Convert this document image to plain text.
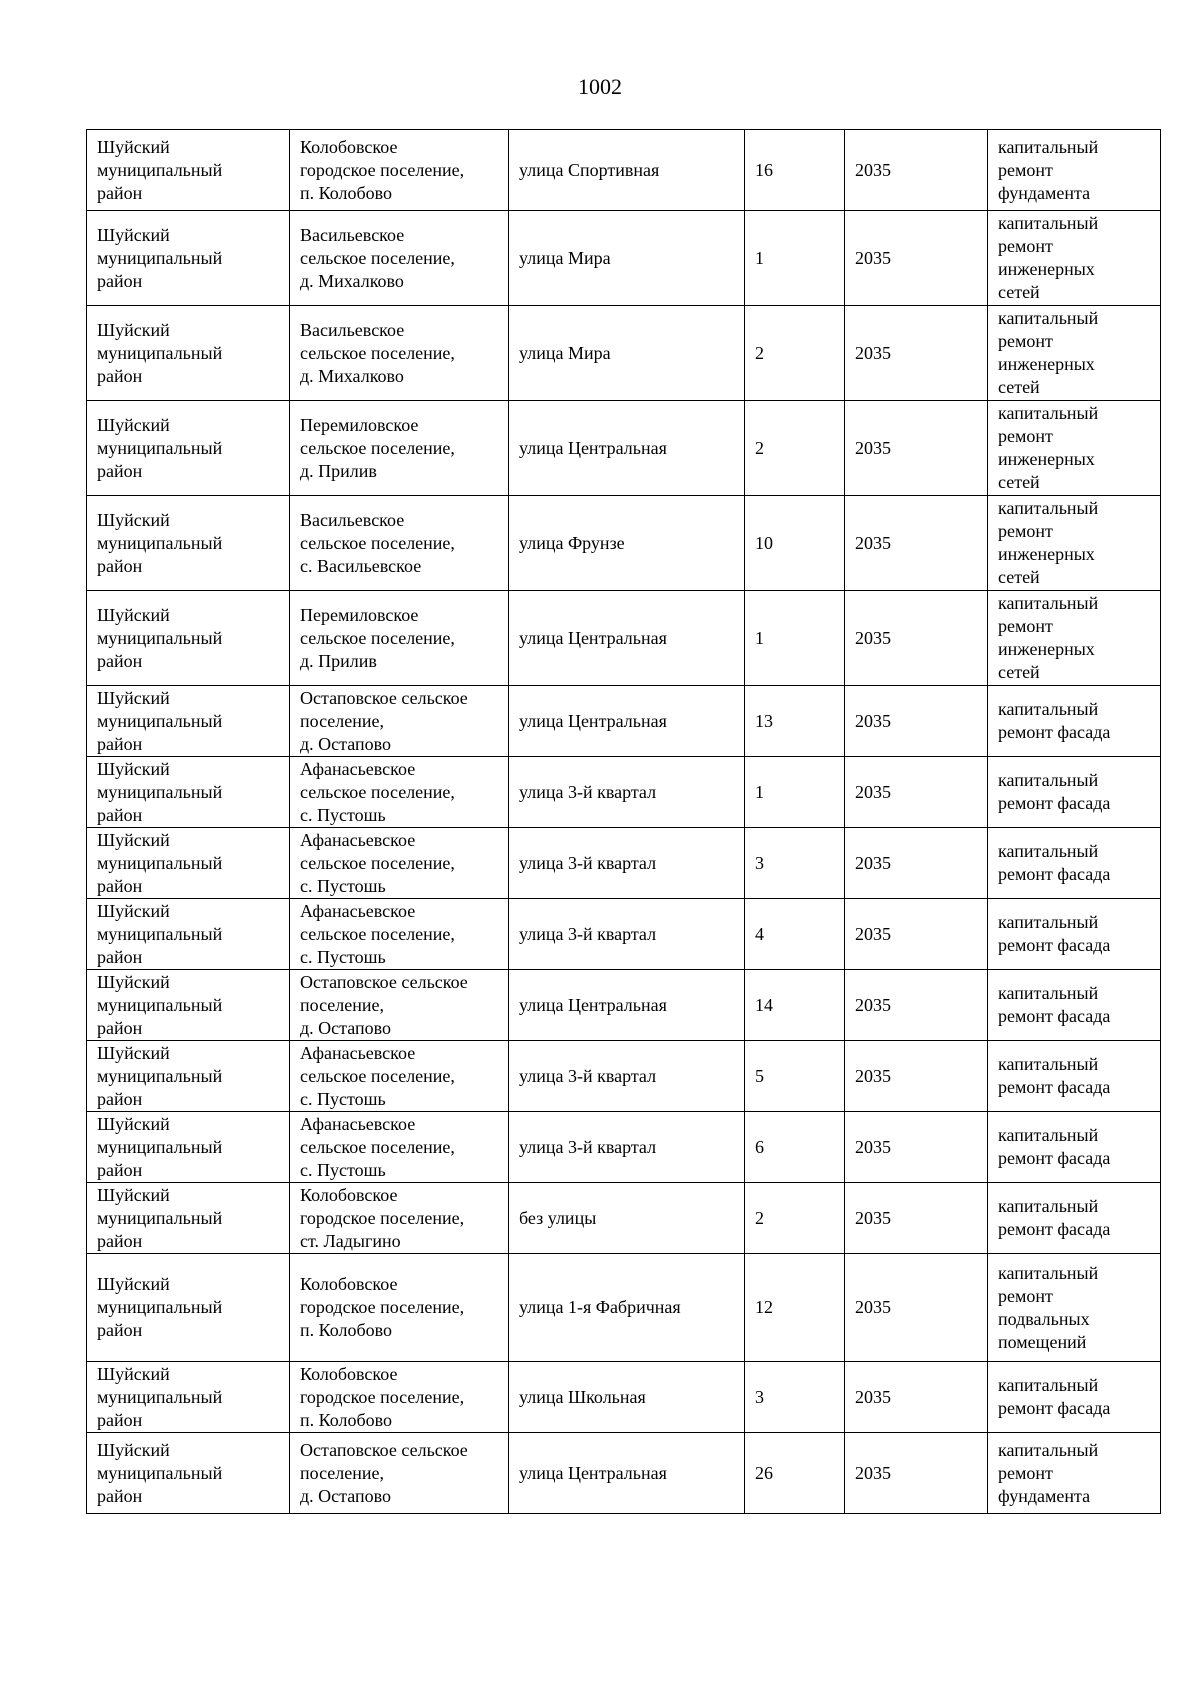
1002
Шуйский
муниципальный
район	Колобовское
городское поселение,
п. Колобово	улица Спортивная	16	2035	капитальный
ремонт
фундамента

Шуйский
муниципальный
район	Васильевское
сельское поселение,
д. Михалково	улица Мира	1	2035	капитальный
ремонт
инженерных
сетей

Шуйский
муниципальный
район	Васильевское
сельское поселение,
д. Михалково	улица Мира	2	2035	капитальный
ремонт
инженерных
сетей

Шуйский
муниципальный
район	Перемиловское
сельское поселение,
д. Прилив	улица Центральная	2	2035	капитальный
ремонт
инженерных
сетей

Шуйский
муниципальный
район	Васильевское
сельское поселение,
с. Васильевское	улица Фрунзе	10	2035	капитальный
ремонт
инженерных
сетей

Шуйский
муниципальный
район	Перемиловское
сельское поселение,
д. Прилив	улица Центральная	1	2035	капитальный
ремонт
инженерных
сетей

Шуйский
муниципальный
район	Остаповское сельское
поселение,
д. Остапово	улица Центральная	13	2035	капитальный
ремонт фасада

Шуйский
муниципальный
район	Афанасьевское
сельское поселение,
с. Пустошь	улица 3-й квартал	1	2035	капитальный
ремонт фасада

Шуйский
муниципальный
район	Афанасьевское
сельское поселение,
с. Пустошь	улица 3-й квартал	3	2035	капитальный
ремонт фасада

Шуйский
муниципальный
район	Афанасьевское
сельское поселение,
с. Пустошь	улица 3-й квартал	4	2035	капитальный
ремонт фасада

Шуйский
муниципальный
район	Остаповское сельское
поселение,
д. Остапово	улица Центральная	14	2035	капитальный
ремонт фасада

Шуйский
муниципальный
район	Афанасьевское
сельское поселение,
с. Пустошь	улица 3-й квартал	5	2035	капитальный
ремонт фасада

Шуйский
муниципальный
район	Афанасьевское
сельское поселение,
с. Пустошь	улица 3-й квартал	6	2035	капитальный
ремонт фасада

Шуйский
муниципальный
район	Колобовское
городское поселение,
ст. Ладыгино	без улицы	2	2035	капитальный
ремонт фасада

Шуйский
муниципальный
район	Колобовское
городское поселение,
п. Колобово	улица 1-я Фабричная	12	2035	капитальный
ремонт
подвальных
помещений

Шуйский
муниципальный
район	Колобовское
городское поселение,
п. Колобово	улица Школьная	3	2035	капитальный
ремонт фасада

Шуйский
муниципальный
район	Остаповское сельское
поселение,
д. Остапово	улица Центральная	26	2035	капитальный
ремонт
фундамента
